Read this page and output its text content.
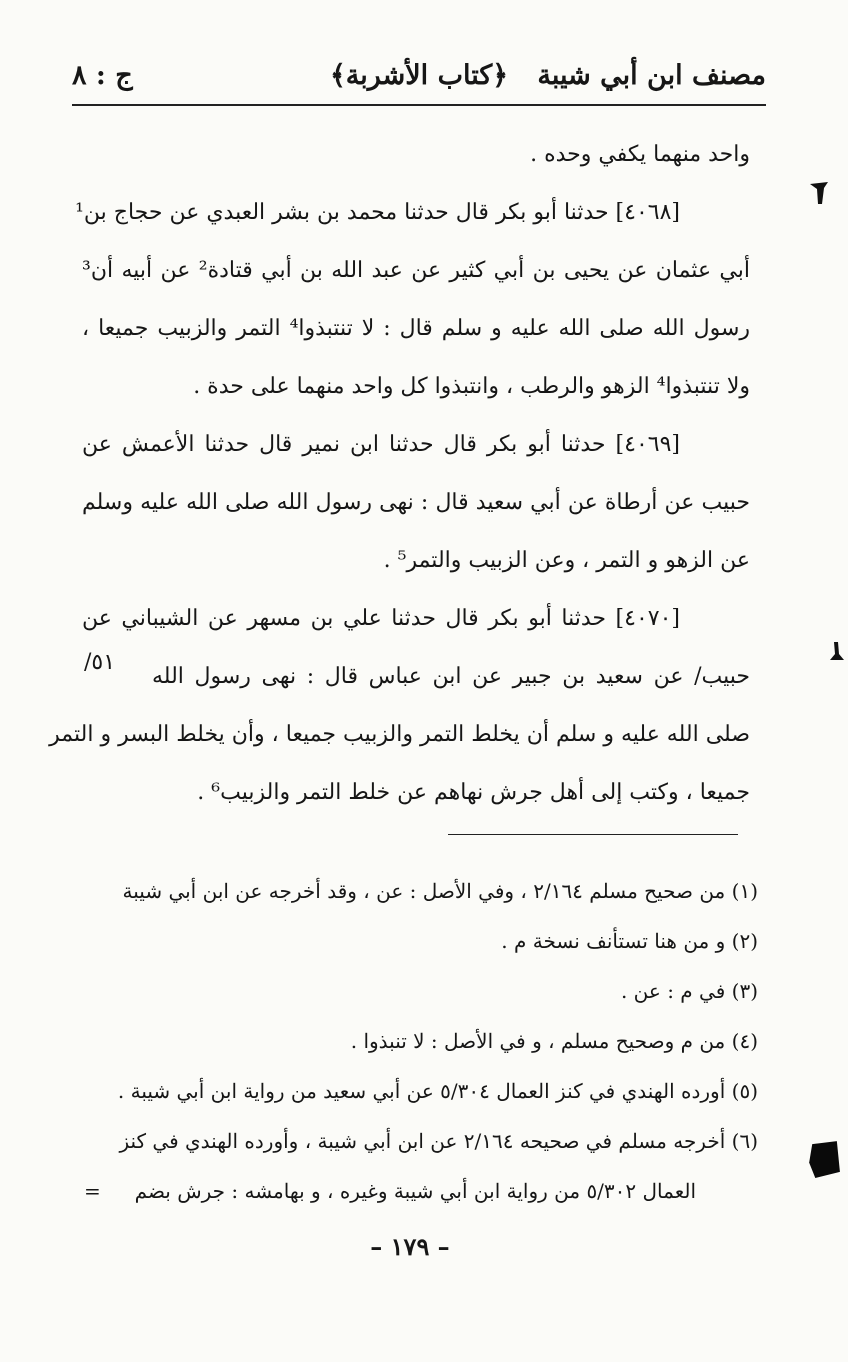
مصنف ابن أبي شيبة
﴿كتاب الأشربة﴾
ج : ٨
واحد منهما يكفي وحده .
[٤٠٦٨] حدثنا أبو بكر قال حدثنا محمد بن بشر العبدي عن حجاج بن¹
أبي عثمان عن يحيى بن أبي كثير عن عبد الله بن أبي قتادة² عن أبيه أن³
رسول الله صلى الله عليه و سلم قال : لا تنتبذوا⁴ التمر والزبيب جميعا ،
ولا تنتبذوا⁴ الزهو والرطب ، وانتبذوا كل واحد منهما على حدة .
[٤٠٦٩] حدثنا أبو بكر قال حدثنا ابن نمير قال حدثنا الأعمش عن
حبيب عن أرطاة عن أبي سعيد قال : نهى رسول الله صلى الله عليه وسلم
عن الزهو و التمر ، وعن الزبيب والتمر⁵ .
[٤٠٧٠] حدثنا أبو بكر قال حدثنا علي بن مسهر عن الشيباني عن
حبيب/ عن سعيد بن جبير عن ابن عباس قال : نهى رسول الله
صلى الله عليه و سلم أن يخلط التمر والزبيب جميعا ، وأن يخلط البسر و التمر
جميعا ، وكتب إلى أهل جرش نهاهم عن خلط التمر والزبيب⁶ .
٥١/
(١) من صحيح مسلم ٢/١٦٤ ، وفي الأصل : عن ، وقد أخرجه عن ابن أبي شيبة
(٢) و من هنا تستأنف نسخة م .
(٣) في م : عن .
(٤) من م وصحيح مسلم ، و في الأصل : لا تنبذوا .
(٥) أورده الهندي في كنز العمال ٥/٣٠٤ عن أبي سعيد من رواية ابن أبي شيبة .
(٦) أخرجه مسلم في صحيحه ٢/١٦٤ عن ابن أبي شيبة ، وأورده الهندي في كنز
العمال ٥/٣٠٢ من رواية ابن أبي شيبة وغيره ، و بهامشه : جرش بضم
=
– ١٧٩ –
